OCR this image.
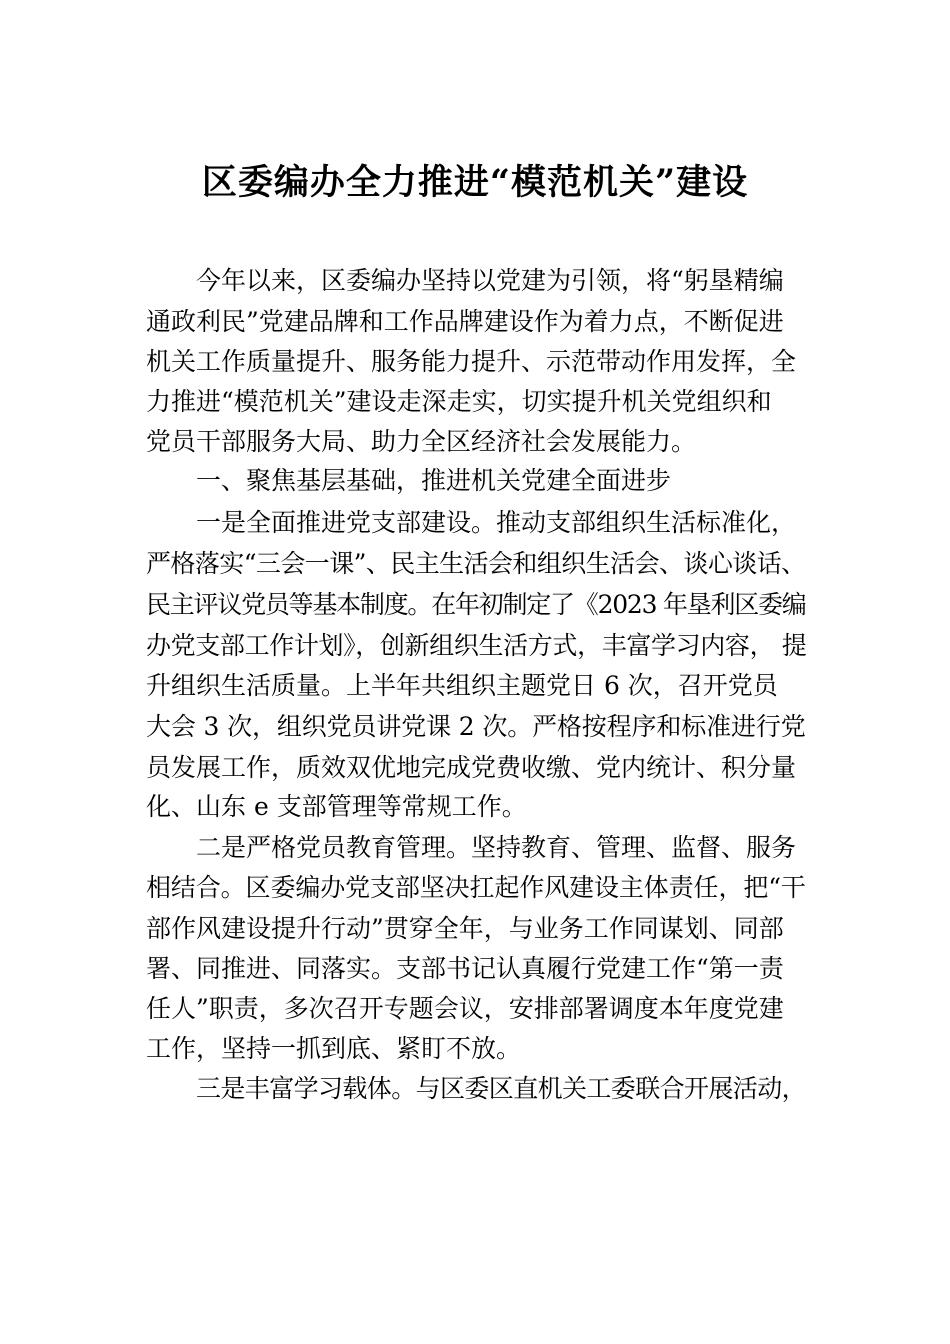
区委编办全力推进“模范机关”建设
今年以来，区委编办坚持以党建为引领，将“躬垦精编
通政利民”党建品牌和工作品牌建设作为着力点，不断促进
机关工作质量提升、服务能力提升、示范带动作用发挥，全
力推进“模范机关”建设走深走实，切实提升机关党组织和
党员干部服务大局、助力全区经济社会发展能力。
一、聚焦基层基础，推进机关党建全面进步
一是全面推进党支部建设。推动支部组织生活标准化，
严格落实“三会一课”、民主生活会和组织生活会、谈心谈话、
民主评议党员等基本制度。在年初制定了《2023 年垦利区委编
办党支部工作计划》，创新组织生活方式，丰富学习内容， 提
升组织生活质量。上半年共组织主题党日 6 次，召开党员
大会 3 次，组织党员讲党课 2 次。严格按程序和标准进行党
员发展工作，质效双优地完成党费收缴、党内统计、积分量
化、山东 e 支部管理等常规工作。
二是严格党员教育管理。坚持教育、管理、监督、服务
相结合。区委编办党支部坚决扛起作风建设主体责任，把“干
部作风建设提升行动”贯穿全年，与业务工作同谋划、同部
署、同推进、同落实。支部书记认真履行党建工作“第一责
任人”职责，多次召开专题会议，安排部署调度本年度党建
工作，坚持一抓到底、紧盯不放。
三是丰富学习载体。与区委区直机关工委联合开展活动，
